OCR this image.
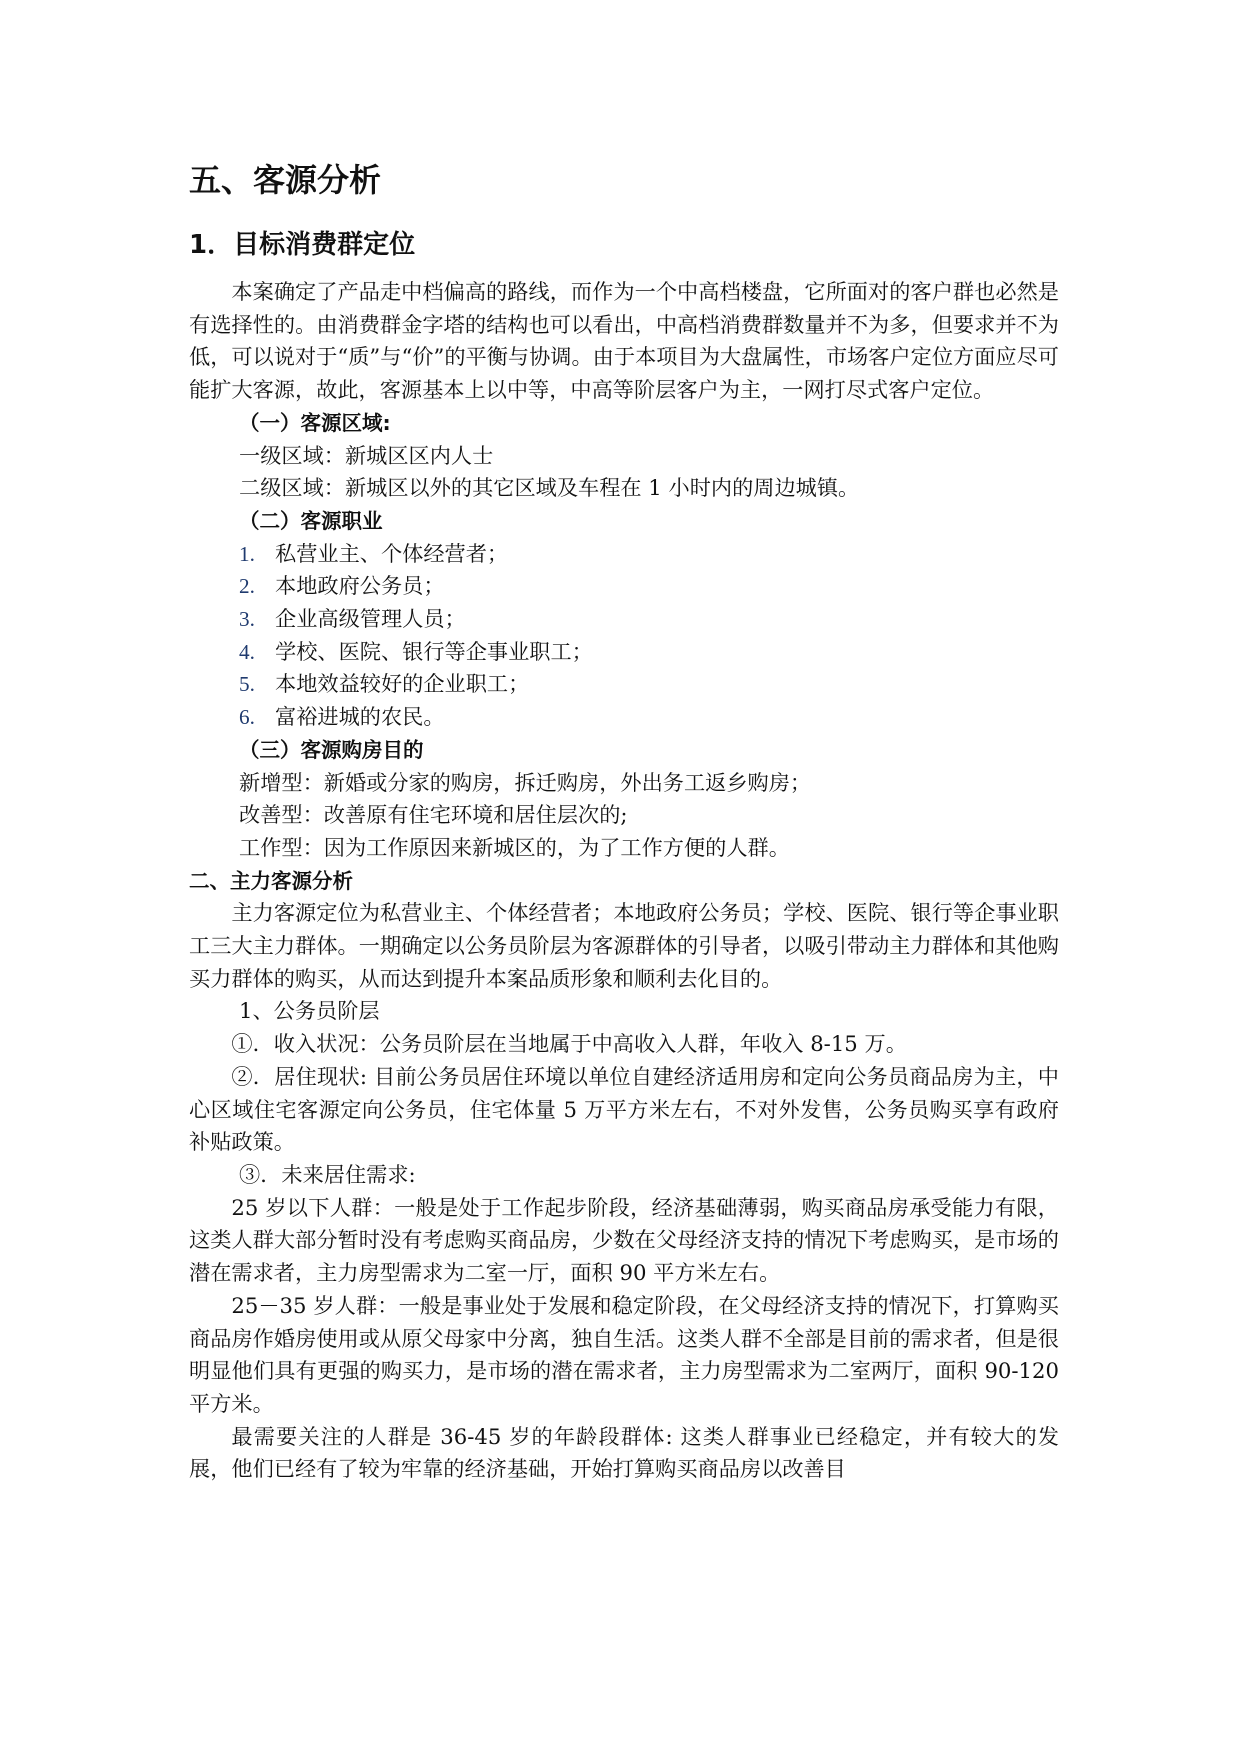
五、客源分析
1．目标消费群定位

本案确定了产品走中档偏高的路线，而作为一个中高档楼盘，它所面对的客户群也必然是有选择性的。由消费群金字塔的结构也可以看出，中高档消费群数量并不为多，但要求并不为低，可以说对于“质”与“价”的平衡与协调。由于本项目为大盘属性，市场客户定位方面应尽可能扩大客源，故此，客源基本上以中等，中高等阶层客户为主，一网打尽式客户定位。

（一）客源区域:

一级区域：新城区区内人士

二级区域：新城区以外的其它区域及车程在 1 小时内的周边城镇。

（二）客源职业

1. 私营业主、个体经营者；

2. 本地政府公务员；

3. 企业高级管理人员；

4. 学校、医院、银行等企事业职工；

5. 本地效益较好的企业职工；

6. 富裕进城的农民。

（三）客源购房目的

新增型：新婚或分家的购房，拆迁购房，外出务工返乡购房；

改善型：改善原有住宅环境和居住层次的;

工作型：因为工作原因来新城区的，为了工作方便的人群。

二、主力客源分析

主力客源定位为私营业主、个体经营者；本地政府公务员；学校、医院、银行等企事业职工三大主力群体。一期确定以公务员阶层为客源群体的引导者，以吸引带动主力群体和其他购买力群体的购买，从而达到提升本案品质形象和顺利去化目的。

1、公务员阶层

①．收入状况：公务员阶层在当地属于中高收入人群，年收入 8-15 万。

②．居住现状: 目前公务员居住环境以单位自建经济适用房和定向公务员商品房为主，中心区域住宅客源定向公务员，住宅体量 5 万平方米左右，不对外发售，公务员购买享有政府补贴政策。

③．未来居住需求:

25 岁以下人群：一般是处于工作起步阶段，经济基础薄弱，购买商品房承受能力有限，这类人群大部分暂时没有考虑购买商品房，少数在父母经济支持的情况下考虑购买，是市场的潜在需求者，主力房型需求为二室一厅，面积 90 平方米左右。

25－35 岁人群：一般是事业处于发展和稳定阶段，在父母经济支持的情况下，打算购买商品房作婚房使用或从原父母家中分离，独自生活。这类人群不全部是目前的需求者，但是很明显他们具有更强的购买力，是市场的潜在需求者，主力房型需求为二室两厅，面积 90-120 平方米。

最需要关注的人群是 36-45 岁的年龄段群体: 这类人群事业已经稳定，并有较大的发展，他们已经有了较为牢靠的经济基础，开始打算购买商品房以改善目
